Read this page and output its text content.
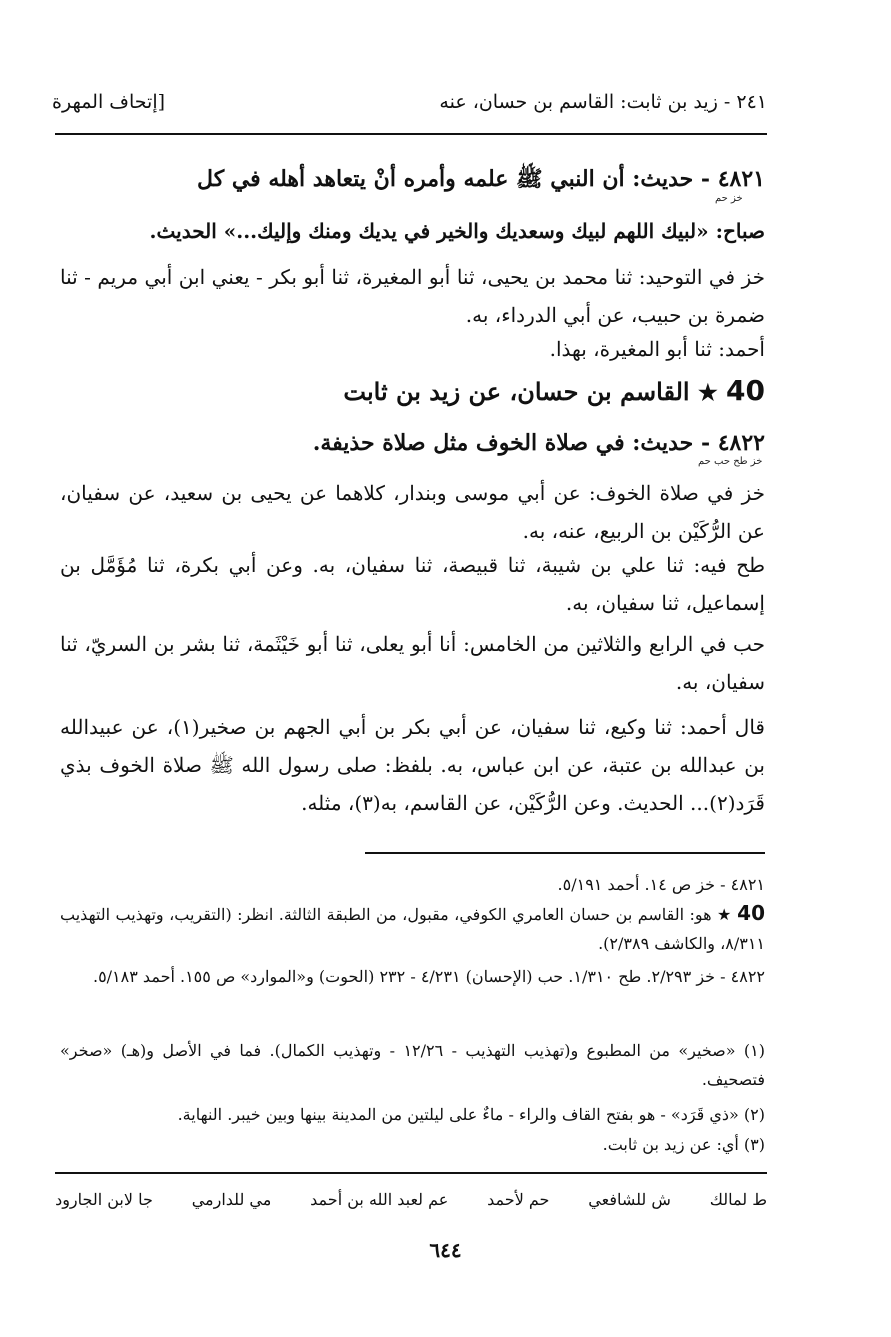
٢٤١ - زيد بن ثابت: القاسم بن حسان، عنه
[إتحاف المهرة
٤٨٢١ - حديث: أن النبي ﷺ علمه وأمره أنْ يتعاهد أهله في كل
خز حم
صباح: «لبيك اللهم لبيك وسعديك والخير في يديك ومنك وإليك...» الحديث.
خز في التوحيد: ثنا محمد بن يحيى، ثنا أبو المغيرة، ثنا أبو بكر - يعني ابن أبي مريم - ثنا ضمرة بن حبيب، عن أبي الدرداء، به.
أحمد: ثنا أبو المغيرة، بهذا.
40 ★ القاسم بن حسان، عن زيد بن ثابت
٤٨٢٢ - حديث: في صلاة الخوف مثل صلاة حذيفة.
خز طح حب حم
خز في صلاة الخوف: عن أبي موسى وبندار، كلاهما عن يحيى بن سعيد، عن سفيان، عن الرُّكَيْن بن الربيع، عنه، به.
طح فيه: ثنا علي بن شيبة، ثنا قبيصة، ثنا سفيان، به. وعن أبي بكرة، ثنا مُؤَمَّل بن إسماعيل، ثنا سفيان، به.
حب في الرابع والثلاثين من الخامس: أنا أبو يعلى، ثنا أبو خَيْثَمة، ثنا بشر بن السريّ، ثنا سفيان، به.
قال أحمد: ثنا وكيع، ثنا سفيان، عن أبي بكر بن أبي الجهم بن صخير(١)، عن عبيدالله بن عبدالله بن عتبة، عن ابن عباس، به. بلفظ: صلى رسول الله ﷺ صلاة الخوف بذي قَرَد(٢)... الحديث. وعن الرُّكَيْن، عن القاسم، به(٣)، مثله.
٤٨٢١ - خز ص ١٤. أحمد ٥/١٩١.
40 ★ هو: القاسم بن حسان العامري الكوفي، مقبول، من الطبقة الثالثة. انظر: (التقريب، وتهذيب التهذيب ٨/٣١١، والكاشف ٢/٣٨٩).
٤٨٢٢ - خز ٢/٢٩٣. طح ١/٣١٠. حب (الإحسان) ٤/٢٣١ - ٢٣٢ (الحوت) و«الموارد» ص ١٥٥. أحمد ٥/١٨٣.
(١) «صخير» من المطبوع و(تهذيب التهذيب - ١٢/٢٦ - وتهذيب الكمال). فما في الأصل و(هـ) «صخر» فتصحيف.
(٢) «ذي قَرَد» - هو بفتح القاف والراء - ماءٌ على ليلتين من المدينة بينها وبين خيبر. النهاية.
(٣) أي: عن زيد بن ثابت.
ط لمالك
ش للشافعي
حم لأحمد
عم لعبد الله بن أحمد
مي للدارمي
جا لابن الجارود
٦٤٤
